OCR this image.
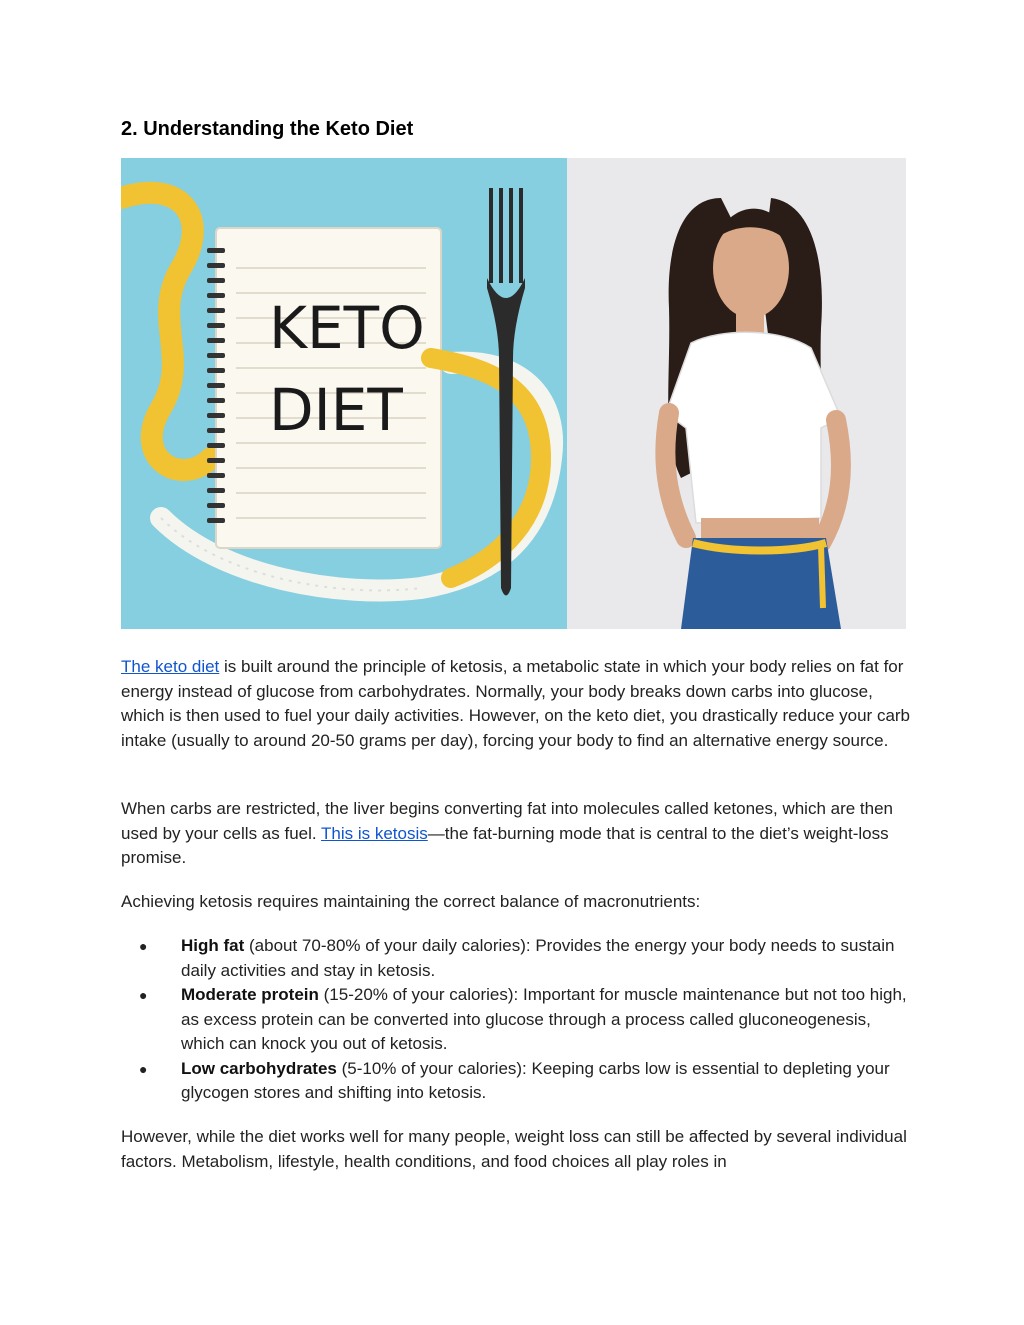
2. Understanding the Keto Diet
KETO
DIET

The keto diet is built around the principle of ketosis, a metabolic state in which your body relies on fat for energy instead of glucose from carbohydrates. Normally, your body breaks down carbs into glucose, which is then used to fuel your daily activities. However, on the keto diet, you drastically reduce your carb intake (usually to around 20-50 grams per day), forcing your body to find an alternative energy source.

When carbs are restricted, the liver begins converting fat into molecules called ketones, which are then used by your cells as fuel. This is ketosis—the fat-burning mode that is central to the diet’s weight-loss promise.

Achieving ketosis requires maintaining the correct balance of macronutrients:

● High fat (about 70-80% of your daily calories): Provides the energy your body needs to sustain daily activities and stay in ketosis.
● Moderate protein (15-20% of your calories): Important for muscle maintenance but not too high, as excess protein can be converted into glucose through a process called gluconeogenesis, which can knock you out of ketosis.
● Low carbohydrates (5-10% of your calories): Keeping carbs low is essential to depleting your glycogen stores and shifting into ketosis.

However, while the diet works well for many people, weight loss can still be affected by several individual factors. Metabolism, lifestyle, health conditions, and food choices all play roles in
